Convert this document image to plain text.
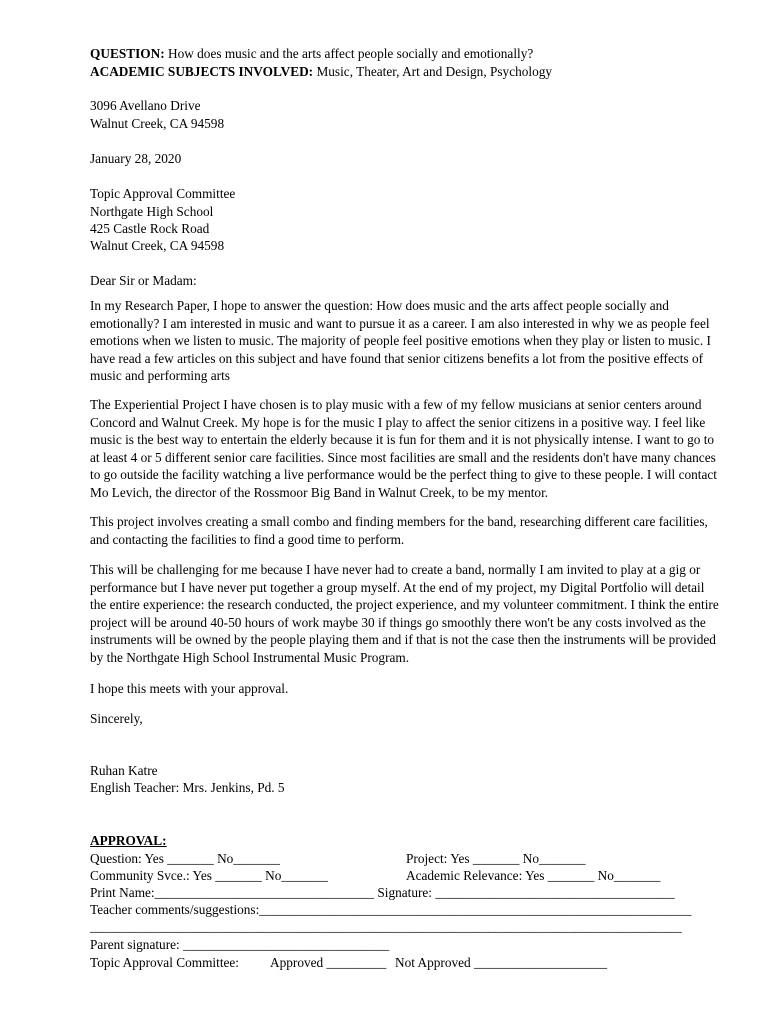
QUESTION: How does music and the arts affect people socially and emotionally?
ACADEMIC SUBJECTS INVOLVED: Music, Theater, Art and Design, Psychology
3096 Avellano Drive
Walnut Creek, CA 94598
January 28, 2020
Topic Approval Committee
Northgate High School
425 Castle Rock Road
Walnut Creek, CA 94598
Dear Sir or Madam:
In my Research Paper, I hope to answer the question: How does music and the arts affect people socially and emotionally? I am interested in music and want to pursue it as a career. I am also interested in why we as people feel emotions when we listen to music. The majority of people feel positive emotions when they play or listen to music. I have read a few articles on this subject and have found that senior citizens benefits a lot from the positive effects of music and performing arts
The Experiential Project I have chosen is to play music with a few of my fellow musicians at senior centers around Concord and Walnut Creek. My hope is for the music I play to affect the senior citizens in a positive way. I feel like music is the best way to entertain the elderly because it is fun for them and it is not physically intense. I want to go to at least 4 or 5 different senior care facilities. Since most facilities are small and the residents don't have many chances to go outside the facility watching a live performance would be the perfect thing to give to these people. I will contact Mo Levich, the director of the Rossmoor Big Band in Walnut Creek, to be my mentor.
This project involves creating a small combo and finding members for the band, researching different care facilities, and contacting the facilities to find a good time to perform.
This will be challenging for me because I have never had to create a band, normally I am invited to play at a gig or performance but I have never put together a group myself. At the end of my project, my Digital Portfolio will detail the entire experience: the research conducted, the project experience, and my volunteer commitment. I think the entire project will be around 40-50 hours of work maybe 30 if things go smoothly there won't be any costs involved as the instruments will be owned by the people playing them and if that is not the case then the instruments will be provided by the Northgate High School Instrumental Music Program.
I hope this meets with your approval.
Sincerely,
Ruhan Katre
English Teacher: Mrs. Jenkins, Pd. 5
APPROVAL:
Question: Yes _______ No_______	Project: Yes _______ No_______
Community Svce.: Yes _______ No_______	Academic Relevance: Yes _______ No_______
Print Name:_________________________________ Signature: ____________________________________
Teacher comments/suggestions:_________________________________________________________________
_________________________________________________________________________________________
Parent signature: _______________________________
Topic Approval Committee: Approved _________ Not Approved ____________________
